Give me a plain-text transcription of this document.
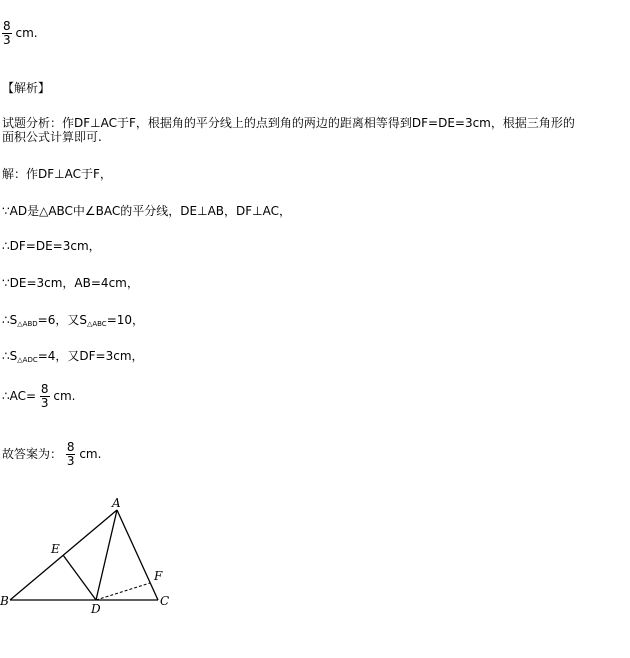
$\frac{8}{3}$ cm.
【解析】
试题分析：作DF⊥AC于F，根据角的平分线上的点到角的两边的距离相等得到DF=DE=3cm，根据三角形的
面积公式计算即可.
解：作DF⊥AC于F，
∵AD是△ABC中∠BAC的平分线，DE⊥AB，DF⊥AC，
∴DF=DE=3cm，
∵DE=3cm，AB=4cm，
$\therefore S_{\triangle ABD}=6$，又$S_{\triangle ABC}=10$，
$\therefore S_{\triangle ADC}=4$，又DF=3cm，
∴AC= $\frac{8}{3}$ cm.
故答案为： $\frac{8}{3}$ cm.
A
B	C
D
E
F
